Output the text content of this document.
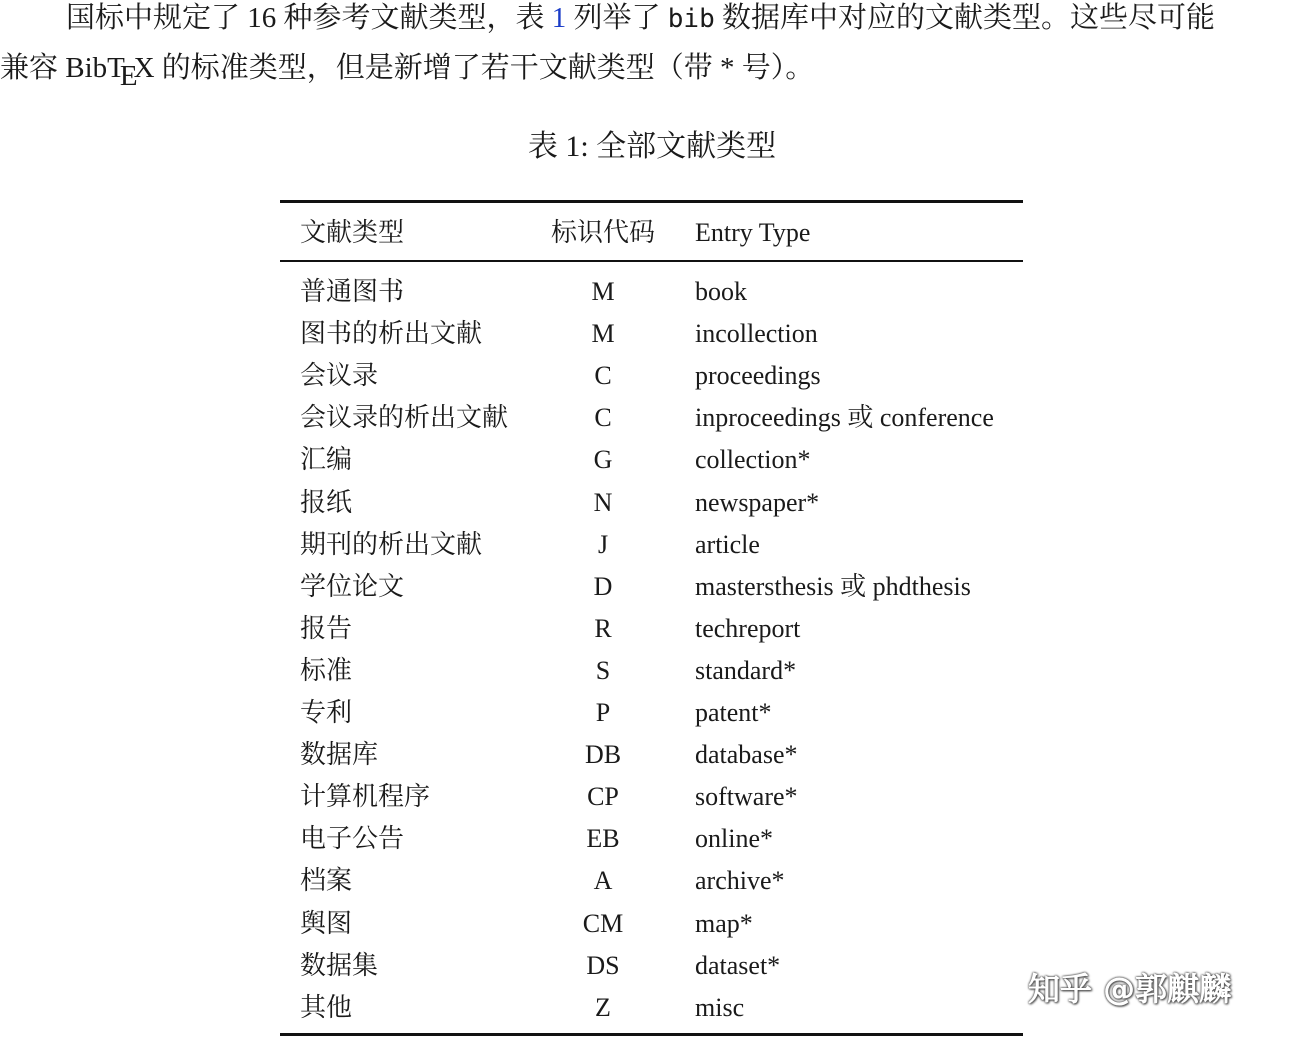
国标中规定了 16 种参考文献类型，表 1 列举了 bib 数据库中对应的文献类型。这些尽可能
兼容 BibTEX 的标准类型，但是新增了若干文献类型（带 * 号）。
表 1: 全部文献类型
文献类型	标识代码	Entry Type
普通图书	M	book
图书的析出文献	M	incollection
会议录	C	proceedings
会议录的析出文献	C	inproceedings 或 conference
汇编	G	collection*
报纸	N	newspaper*
期刊的析出文献	J	article
学位论文	D	mastersthesis 或 phdthesis
报告	R	techreport
标准	S	standard*
专利	P	patent*
数据库	DB	database*
计算机程序	CP	software*
电子公告	EB	online*
档案	A	archive*
舆图	CM	map*
数据集	DS	dataset*
其他	Z	misc	知乎 @郭麒麟
